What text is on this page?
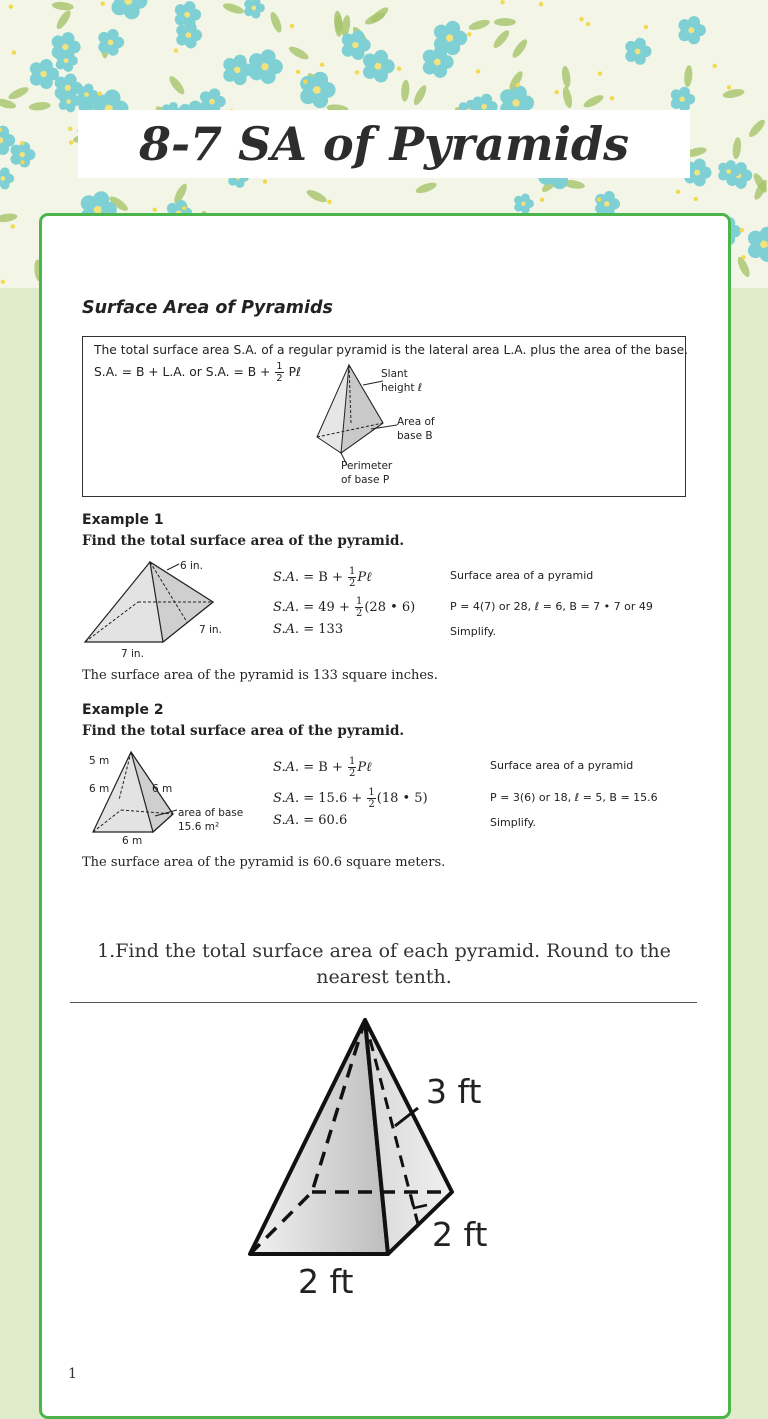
8-7 SA of Pyramids
Surface Area of Pyramids
The total surface area S.A. of a regular pyramid is the lateral area L.A. plus the area of the base.
S.A. = B + L.A. or S.A. = $B + \frac{1}{2}$ Pℓ	Slant
height ℓ
Area of
base B
Perimeter
of base P
Example 1
Find the total surface area of the pyramid.
6 in.
7 in.
7 in.
S.A. = $B + \frac{1}{2}$ Pℓ
S.A. = $49 + \frac{1}{2} (28$ • 6)
S.A. = 133
Surface area of a pyramid
P = 4(7) or 28, ℓ = 6, B = 7 • 7 or 49
Simplify.
The surface area of the pyramid is 133 square inches.
Example 2
Find the total surface area of the pyramid.
5 m
6 m	6 m
area of base
15.6 m²
6 m
S.A. = $B + \frac{1}{2}$ Pℓ
S.A. = $15.6 + \frac{1}{2} (18$ • 5)
S.A. = 60.6
Surface area of a pyramid
P = 3(6) or 18, ℓ = 5, B = 15.6
Simplify.
The surface area of the pyramid is 60.6 square meters.
1.Find the total surface area of each pyramid. Round to the nearest tenth.
3 ft
2 ft
2 ft
1
